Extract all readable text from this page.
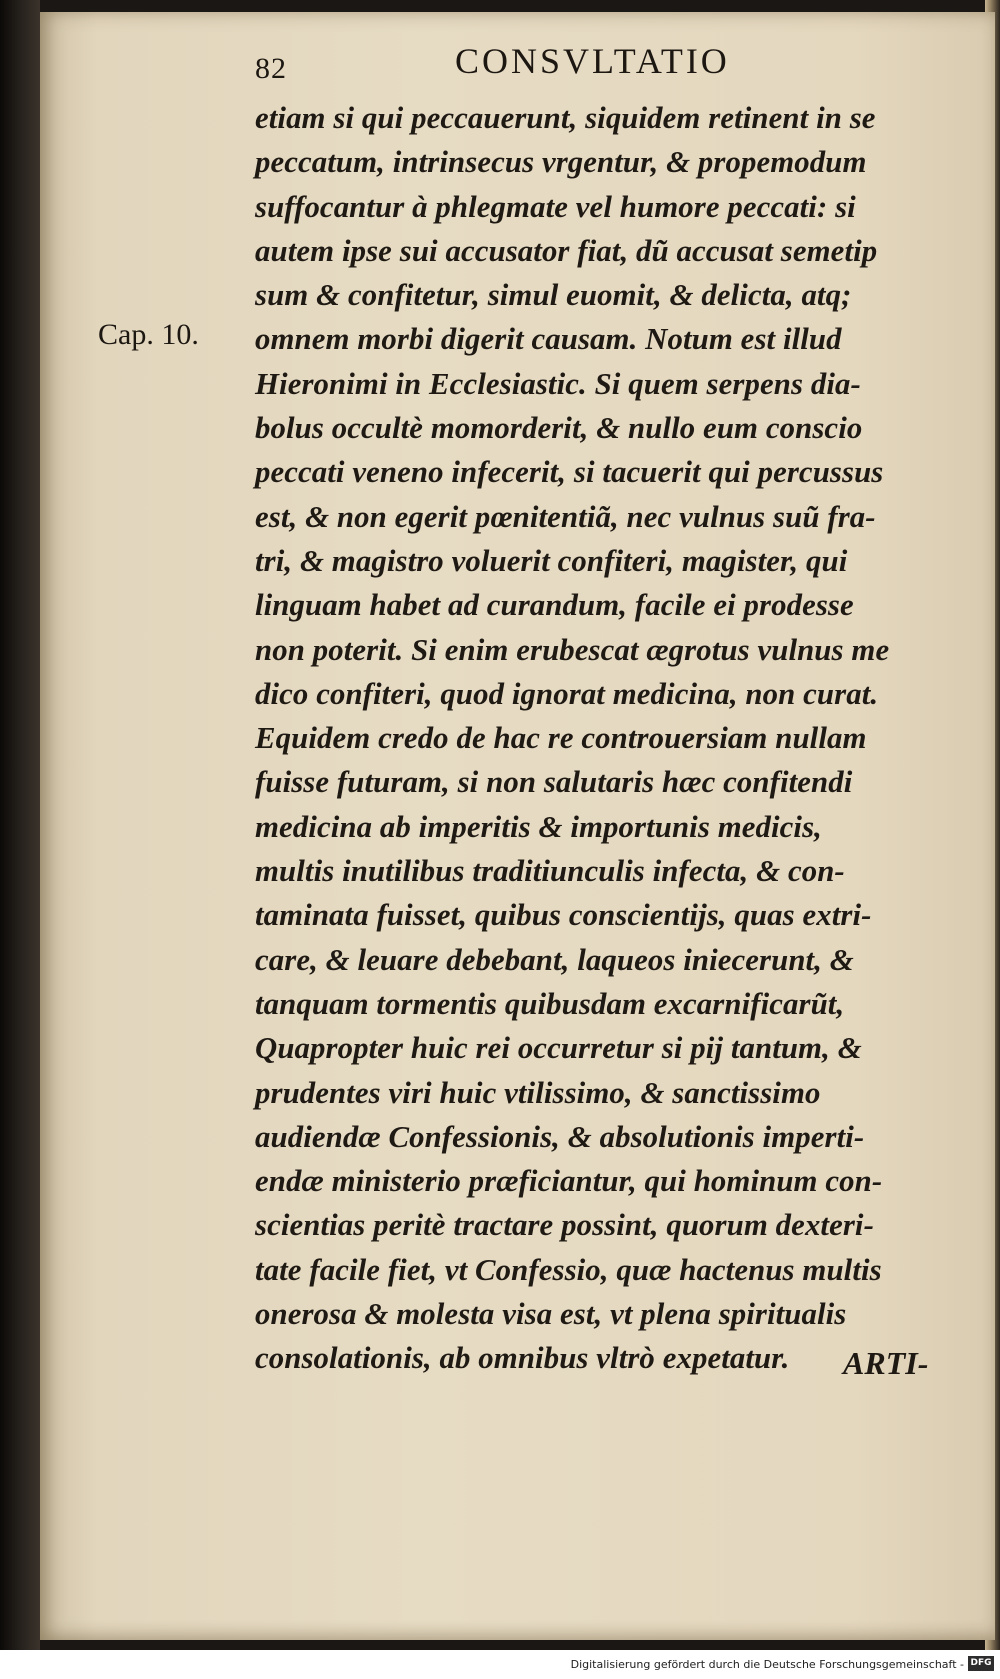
82	CONSVLTATIO
Cap. 10.
etiam si qui peccauerunt, siquidem retinent in se
peccatum, intrinsecus vrgentur, & propemodum
suffocantur à phlegmate vel humore peccati: si
autem ipse sui accusator fiat, dũ accusat semetip
sum & confitetur, simul euomit, & delicta, atq;
omnem morbi digerit causam. Notum est illud
Hieronimi in Ecclesiastic. Si quem serpens dia-
bolus occultè momorderit, & nullo eum conscio
peccati veneno infecerit, si tacuerit qui percussus
est, & non egerit pœnitentiã, nec vulnus suũ fra-
tri, & magistro voluerit confiteri, magister, qui
linguam habet ad curandum, facile ei prodesse
non poterit. Si enim erubescat ægrotus vulnus me
dico confiteri, quod ignorat medicina, non curat.
Equidem credo de hac re controuersiam nullam
fuisse futuram, si non salutaris hæc confitendi
medicina ab imperitis & importunis medicis,
multis inutilibus traditiunculis infecta, & con-
taminata fuisset, quibus conscientijs, quas extri-
care, & leuare debebant, laqueos iniecerunt, &
tanquam tormentis quibusdam excarnificarũt,
Quapropter huic rei occurretur si pij tantum, &
prudentes viri huic vtilissimo, & sanctissimo
audiendæ Confessionis, & absolutionis imperti-
endæ ministerio præficiantur, qui hominum con-
scientias peritè tractare possint, quorum dexteri-
tate facile fiet, vt Confessio, quæ hactenus multis
onerosa & molesta visa est, vt plena spiritualis
consolationis, ab omnibus vltrò expetatur.	ARTI-
Digitalisierung gefördert durch die Deutsche Forschungsgemeinschaft - DFG
